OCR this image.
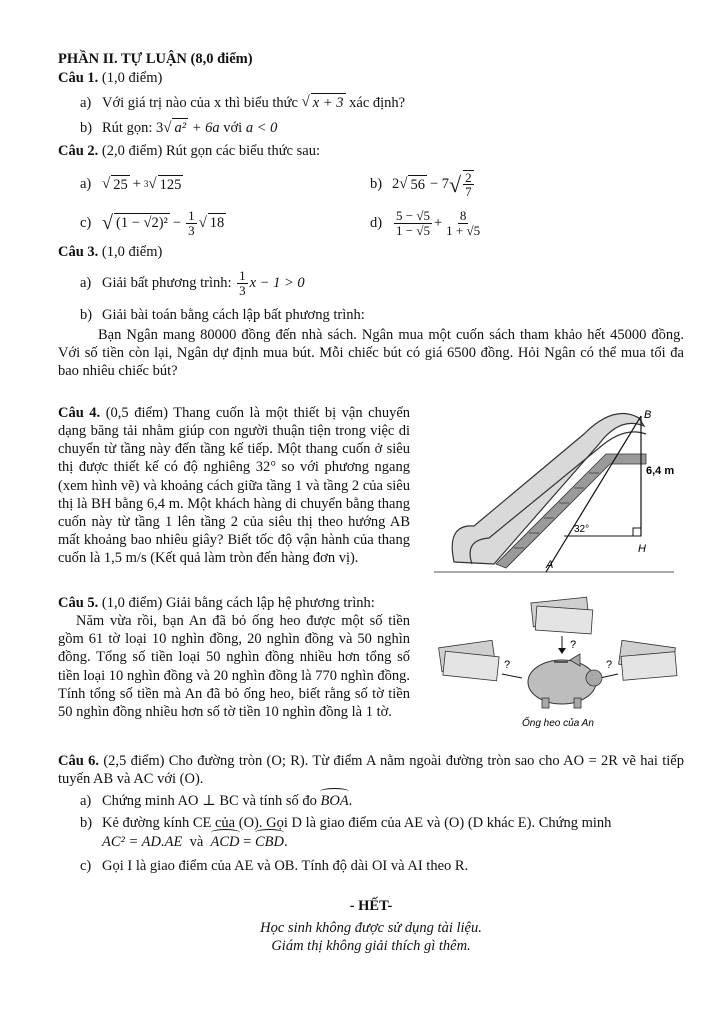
PHẦN II. TỰ LUẬN (8,0 điểm)

Câu 1. (1,0 điểm)

a) Với giá trị nào của x thì biểu thức
√ x + 3
xác định?
b) Rút gọn:
3 √ a²
+ 6a
với
a < 0

Câu 2. (2,0 điểm) Rút gọn các biểu thức sau:

a) √ 25 + 3 √ 125	b) 2 √ 56 − 7 √ $\frac{2}{7}$
c) √ $(1 - √2)^2 - \frac{1}{3}$ √ 18	$d) \frac{5 - √5}{1 - √5} + \frac{8}{1 + √5}$

Câu 3. (1,0 điểm)

a) Giải bất phương trình:
$\frac{1}{3}$ x − 1 > 0
b) Giải bài toán bằng cách lập bất phương trình:

Bạn Ngân mang 80000 đồng đến nhà sách. Ngân mua một cuốn sách tham khảo hết 45000 đồng. Với số tiền còn lại, Ngân dự định mua bút. Mỗi chiếc bút có giá 6500 đồng. Hỏi Ngân có thể mua tối đa bao nhiêu chiếc bút?

Câu 4. (0,5 điểm) Thang cuốn là một thiết bị vận chuyển dạng băng tải nhằm giúp con người thuận tiện trong việc di chuyển từ tầng này đến tầng kế tiếp. Một thang cuốn ở siêu thị được thiết kế có độ nghiêng 32° so với phương ngang (xem hình vẽ) và khoảng cách giữa tầng 1 và tầng 2 của siêu thị là BH bằng 6,4 m. Một khách hàng di chuyển bằng thang cuốn này từ tầng 1 lên tầng 2 của siêu thị theo hướng AB mất khoảng bao nhiêu giây? Biết tốc độ vận hành của thang cuốn là 1,5 m/s (Kết quả làm tròn đến hàng đơn vị).

B
H
A
6,4 m
32°

Câu 5. (1,0 điểm) Giải bằng cách lập hệ phương trình:

Năm vừa rồi, bạn An đã bỏ ống heo được một số tiền gồm 61 tờ loại 10 nghìn đồng, 20 nghìn đồng và 50 nghìn đồng. Tổng số tiền loại 50 nghìn đồng nhiều hơn tổng số tiền loại 10 nghìn đồng và 20 nghìn đồng là 770 nghìn đồng. Tính tổng số tiền mà An đã bỏ ống heo, biết rằng số tờ tiền 50 nghìn đồng nhiều hơn số tờ tiền 10 nghìn đồng là 1 tờ.

?
?	?
Ống heo của An

Câu 6. (2,5 điểm) Cho đường tròn (O; R). Từ điểm A nằm ngoài đường tròn sao cho AO = 2R vẽ hai tiếp tuyến AB và AC với (O).

a) Chứng minh AO ⊥ BC và tính số đo
BOA .
b) Kẻ đường kính CE của (O). Gọi D là giao điểm của AE và (O) (D khác E). Chứng minh
AC² = AD.AE và ACD = CBD.
c) Gọi I là giao điểm của AE và OB. Tính độ dài OI và AI theo R.
- HẾT-
Học sinh không được sử dụng tài liệu.
Giám thị không giải thích gì thêm.
